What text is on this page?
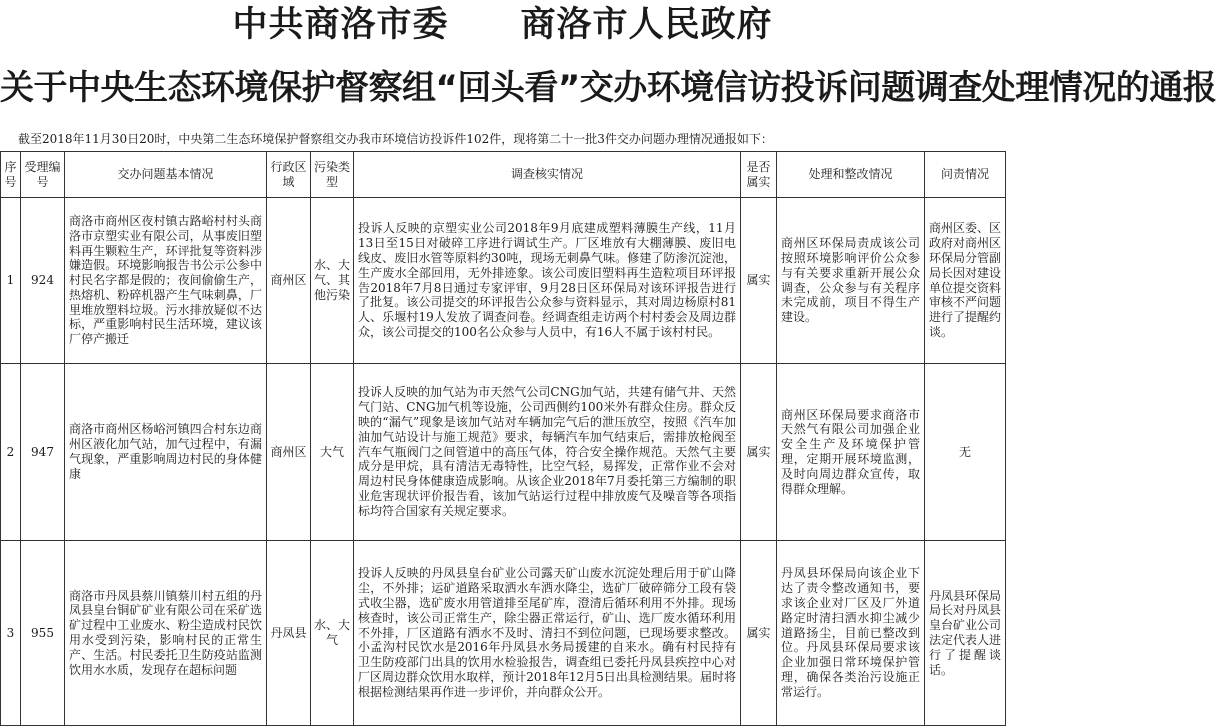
中共商洛市委　　商洛市人民政府
关于中央生态环境保护督察组“回头看”交办环境信访投诉问题调查处理情况的通报
截至2018年11月30日20时，中央第二生态环境保护督察组交办我市环境信访投诉件102件，现将第二十一批3件交办问题办理情况通报如下：
序号	受理编号	交办问题基本情况	行政区域	污染类型	调查核实情况	是否属实	处理和整改情况	问责情况
1	924	商洛市商州区夜村镇古路峪村村头商洛市京塑实业有限公司，从事废旧塑料再生颗粒生产，环评批复等资料涉嫌造假。环境影响报告书公示公参中村民名字都是假的；夜间偷偷生产，热熔机、粉碎机器产生气味刺鼻，厂里堆放塑料垃圾。污水排放疑似不达标，严重影响村民生活环境，建议该厂停产搬迁	商州区	水、大气、其他污染	投诉人反映的京塑实业公司2018年9月底建成塑料薄膜生产线，11月13日至15日对破碎工序进行调试生产。厂区堆放有大棚薄膜、废旧电线皮、废旧水管等原料约30吨，现场无刺鼻气味。修建了防渗沉淀池，生产废水全部回用，无外排迹象。该公司废旧塑料再生造粒项目环评报告2018年7月8日通过专家评审，9月28日区环保局对该环评报告进行了批复。该公司提交的环评报告公众参与资料显示，其对周边杨原村81人、乐堰村19人发放了调查问卷。经调查组走访两个村村委会及周边群众，该公司提交的100名公众参与人员中，有16人不属于该村村民。	属实	商州区环保局责成该公司按照环境影响评价公众参与有关要求重新开展公众调查，公众参与有关程序未完成前，项目不得生产建设。	商州区委、区政府对商州区环保局分管副局长因对建设单位提交资料审核不严问题进行了提醒约谈。
2	947	商洛市商州区杨峪河镇四合村东边商州区液化加气站，加气过程中，有漏气现象，严重影响周边村民的身体健康	商州区	大气	投诉人反映的加气站为市天然气公司CNG加气站，共建有储气井、天然气门站、CNG加气机等设施，公司西侧约100米外有群众住房。群众反映的“漏气”现象是该加气站对车辆加完气后的泄压放空，按照《汽车加油加气站设计与施工规范》要求，每辆汽车加气结束后，需排放枪阀至汽车气瓶阀门之间管道中的高压气体，符合安全操作规范。天然气主要成分是甲烷，具有清洁无毒特性，比空气轻，易挥发，正常作业不会对周边村民身体健康造成影响。从该企业2018年7月委托第三方编制的职业危害现状评价报告看，该加气站运行过程中排放废气及噪音等各项指标均符合国家有关规定要求。	属实	商州区环保局要求商洛市天然气有限公司加强企业安全生产及环境保护管理，定期开展环境监测，及时向周边群众宣传，取得群众理解。	无
3	955	商洛市丹凤县蔡川镇蔡川村五组的丹凤县皇台铜矿矿业有限公司在采矿选矿过程中工业废水、粉尘造成村民饮用水受到污染，影响村民的正常生产、生活。村民委托卫生防疫站监测饮用水水质，发现存在超标问题	丹凤县	水、大气	投诉人反映的丹凤县皇台矿业公司露天矿山废水沉淀处理后用于矿山降尘，不外排；运矿道路采取洒水车洒水降尘，选矿厂破碎筛分工段有袋式收尘器，选矿废水用管道排至尾矿库，澄清后循环利用不外排。现场核查时，该公司正常生产，除尘器正常运行，矿山、选厂废水循环利用不外排，厂区道路有洒水不及时、清扫不到位问题，已现场要求整改。小孟沟村民饮水是2016年丹凤县水务局援建的自来水。确有村民持有卫生防疫部门出具的饮用水检验报告，调查组已委托丹凤县疾控中心对厂区周边群众饮用水取样，预计2018年12月5日出具检测结果。届时将根据检测结果再作进一步评价，并向群众公开。	属实	丹凤县环保局向该企业下达了责令整改通知书，要求该企业对厂区及厂外道路定时清扫洒水抑尘减少道路扬尘，目前已整改到位。丹凤县环保局要求该企业加强日常环境保护管理，确保各类治污设施正常运行。	丹凤县环保局局长对丹凤县皇台矿业公司法定代表人进行了提醒谈话。
